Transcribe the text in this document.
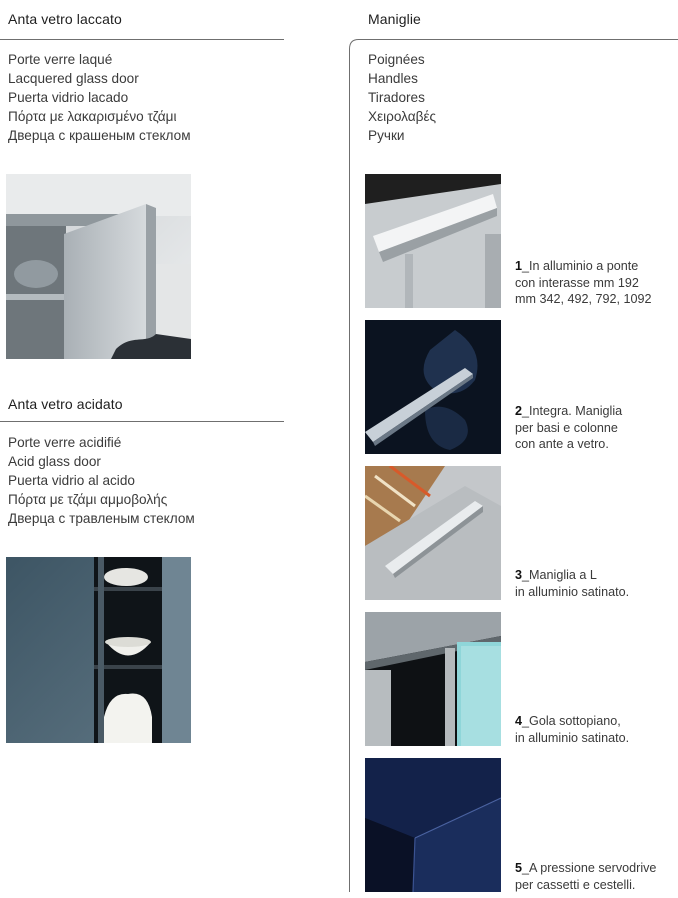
Anta vetro laccato
Porte verre laqué
Lacquered glass door
Puerta vidrio lacado
Πόρτα με λακαρισμένο τζάμι
Дверца с крашеным стеклом
Anta vetro acidato
Porte verre acidifié
Acid glass door
Puerta vidrio al acido
Πόρτα με τζάμι αμμοβολής
Дверца с травленым стеклом
Maniglie
Poignées
Handles
Tiradores
Χειρολαβές
Ручки
1_In alluminio a ponte
con interasse mm 192
mm 342, 492, 792, 1092
2_Integra. Maniglia
per basi e colonne
con ante a vetro.
3_Maniglia a L
in alluminio satinato.
4_Gola sottopiano,
in alluminio satinato.
5_A pressione servodrive
per cassetti e cestelli.
